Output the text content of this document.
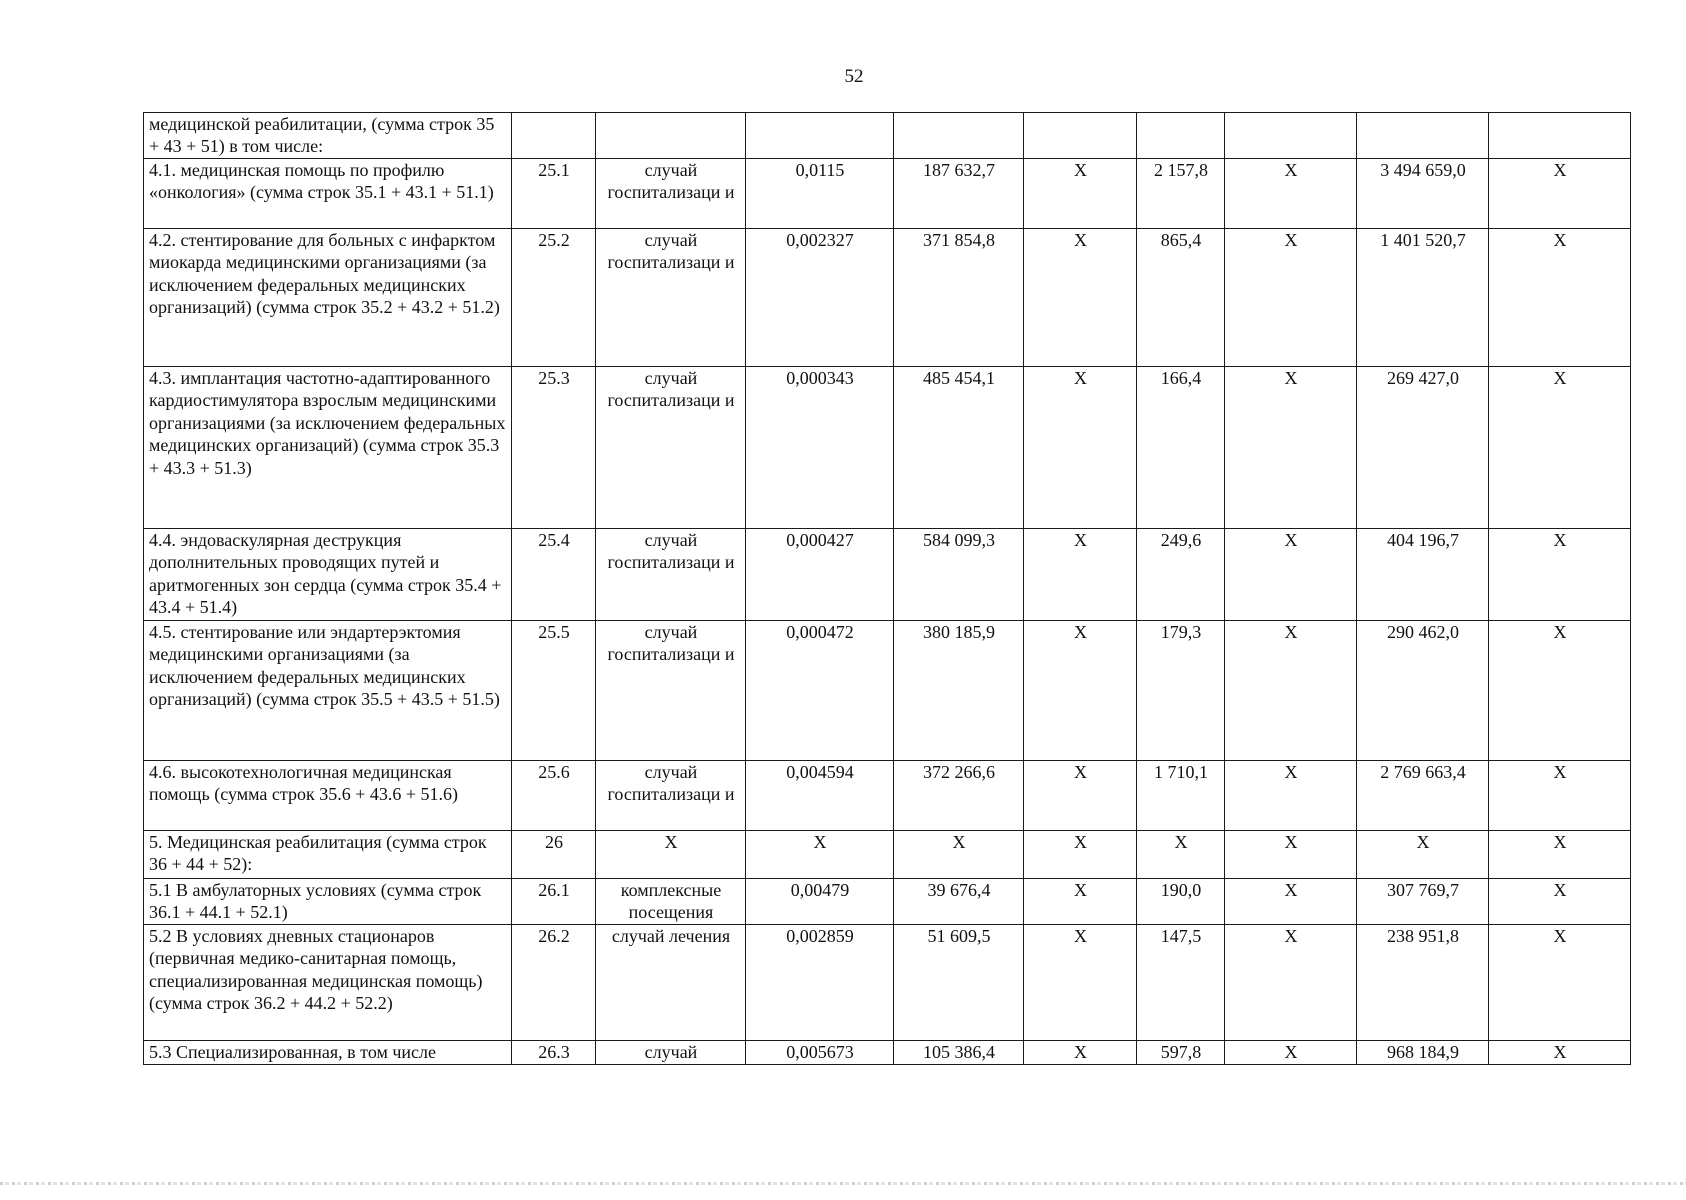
52
медицинской реабилитации, (сумма строк 35 + 43 + 51) в том числе:									
4.1. медицинская помощь по профилю «онкология» (сумма строк 35.1 + 43.1 + 51.1)	25.1	случай госпитализаци и	0,0115	187 632,7	Х	2 157,8	Х	3 494 659,0	Х
4.2. стентирование для больных с инфарктом миокарда медицинскими организациями (за исключением федеральных медицинских организаций) (сумма строк 35.2 + 43.2 + 51.2)	25.2	случай госпитализаци и	0,002327	371 854,8	Х	865,4	Х	1 401 520,7	Х
4.3. имплантация частотно-адаптированного кардиостимулятора взрослым медицинскими организациями (за исключением федеральных медицинских организаций) (сумма строк 35.3 + 43.3 + 51.3)	25.3	случай госпитализаци и	0,000343	485 454,1	Х	166,4	Х	269 427,0	Х
4.4. эндоваскулярная деструкция дополнительных проводящих путей и аритмогенных зон сердца (сумма строк 35.4 + 43.4 + 51.4)	25.4	случай госпитализаци и	0,000427	584 099,3	Х	249,6	Х	404 196,7	Х
4.5. стентирование или эндартерэктомия медицинскими организациями (за исключением федеральных медицинских организаций) (сумма строк 35.5 + 43.5 + 51.5)	25.5	случай госпитализаци и	0,000472	380 185,9	Х	179,3	Х	290 462,0	Х
4.6. высокотехнологичная медицинская помощь (сумма строк 35.6 + 43.6 + 51.6)	25.6	случай госпитализаци и	0,004594	372 266,6	Х	1 710,1	Х	2 769 663,4	Х
5. Медицинская реабилитация (сумма строк 36 + 44 + 52):	26	Х	Х	Х	Х	Х	Х	Х	Х
5.1 В амбулаторных условиях (сумма строк 36.1 + 44.1 + 52.1)	26.1	комплексные посещения	0,00479	39 676,4	Х	190,0	Х	307 769,7	Х
5.2 В условиях дневных стационаров (первичная медико-санитарная помощь, специализированная медицинская помощь) (сумма строк 36.2 + 44.2 + 52.2)	26.2	случай лечения	0,002859	51 609,5	Х	147,5	Х	238 951,8	Х
5.3 Специализированная, в том числе	26.3	случай	0,005673	105 386,4	Х	597,8	Х	968 184,9	Х
